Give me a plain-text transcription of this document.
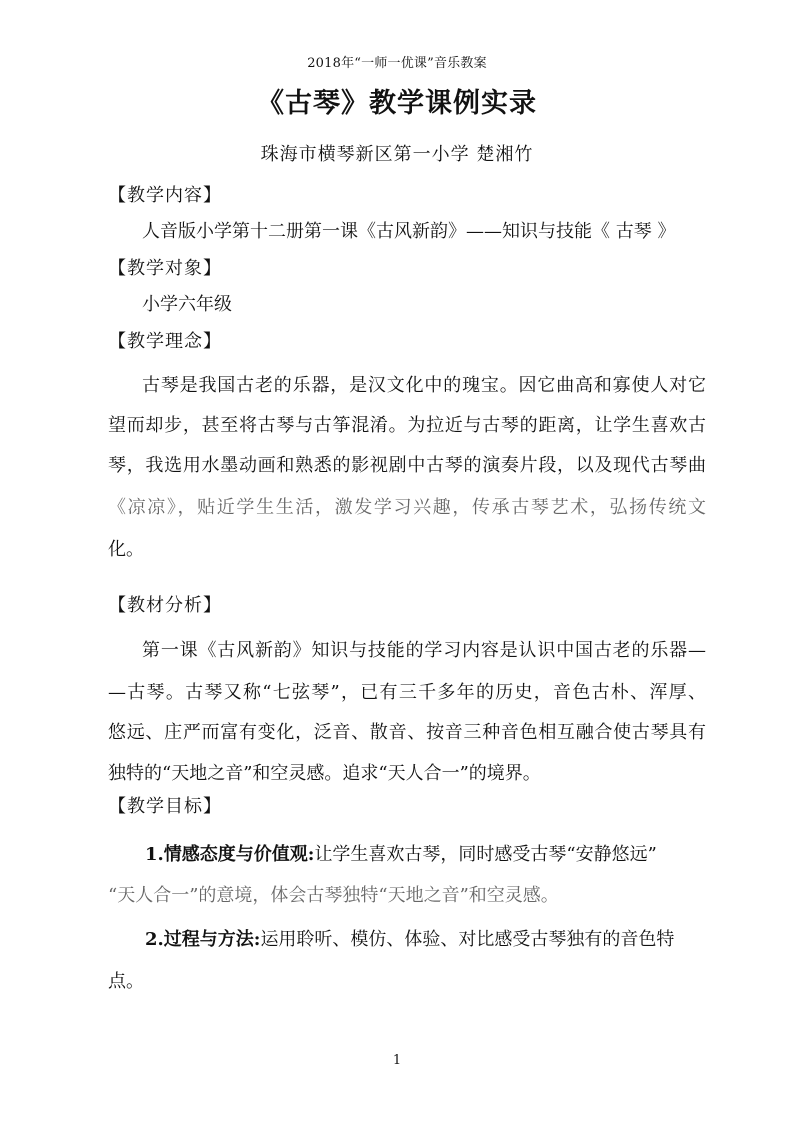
2018年“一师一优课”音乐教案
《古琴》教学课例实录
珠海市横琴新区第一小学 楚湘竹
【教学内容】
人音版小学第十二册第一课《古风新韵》——知识与技能《 古琴 》
【教学对象】
小学六年级
【教学理念】
古琴是我国古老的乐器，是汉文化中的瑰宝。因它曲高和寡使人对它
望而却步，甚至将古琴与古筝混淆。为拉近与古琴的距离，让学生喜欢古
琴，我选用水墨动画和熟悉的影视剧中古琴的演奏片段，以及现代古琴曲
《凉凉》，贴近学生生活，激发学习兴趣，传承古琴艺术，弘扬传统文
化。
【教材分析】
第一课《古风新韵》知识与技能的学习内容是认识中国古老的乐器—
—古琴。古琴又称“七弦琴”，已有三千多年的历史，音色古朴、浑厚、
悠远、庄严而富有变化，泛音、散音、按音三种音色相互融合使古琴具有
独特的“天地之音”和空灵感。追求“天人合一”的境界。
【教学目标】
1.情感态度与价值观:让学生喜欢古琴，同时感受古琴“安静悠远”
“天人合一”的意境，体会古琴独特“天地之音”和空灵感。
2.过程与方法:运用聆听、模仿、体验、对比感受古琴独有的音色特
点。
1
